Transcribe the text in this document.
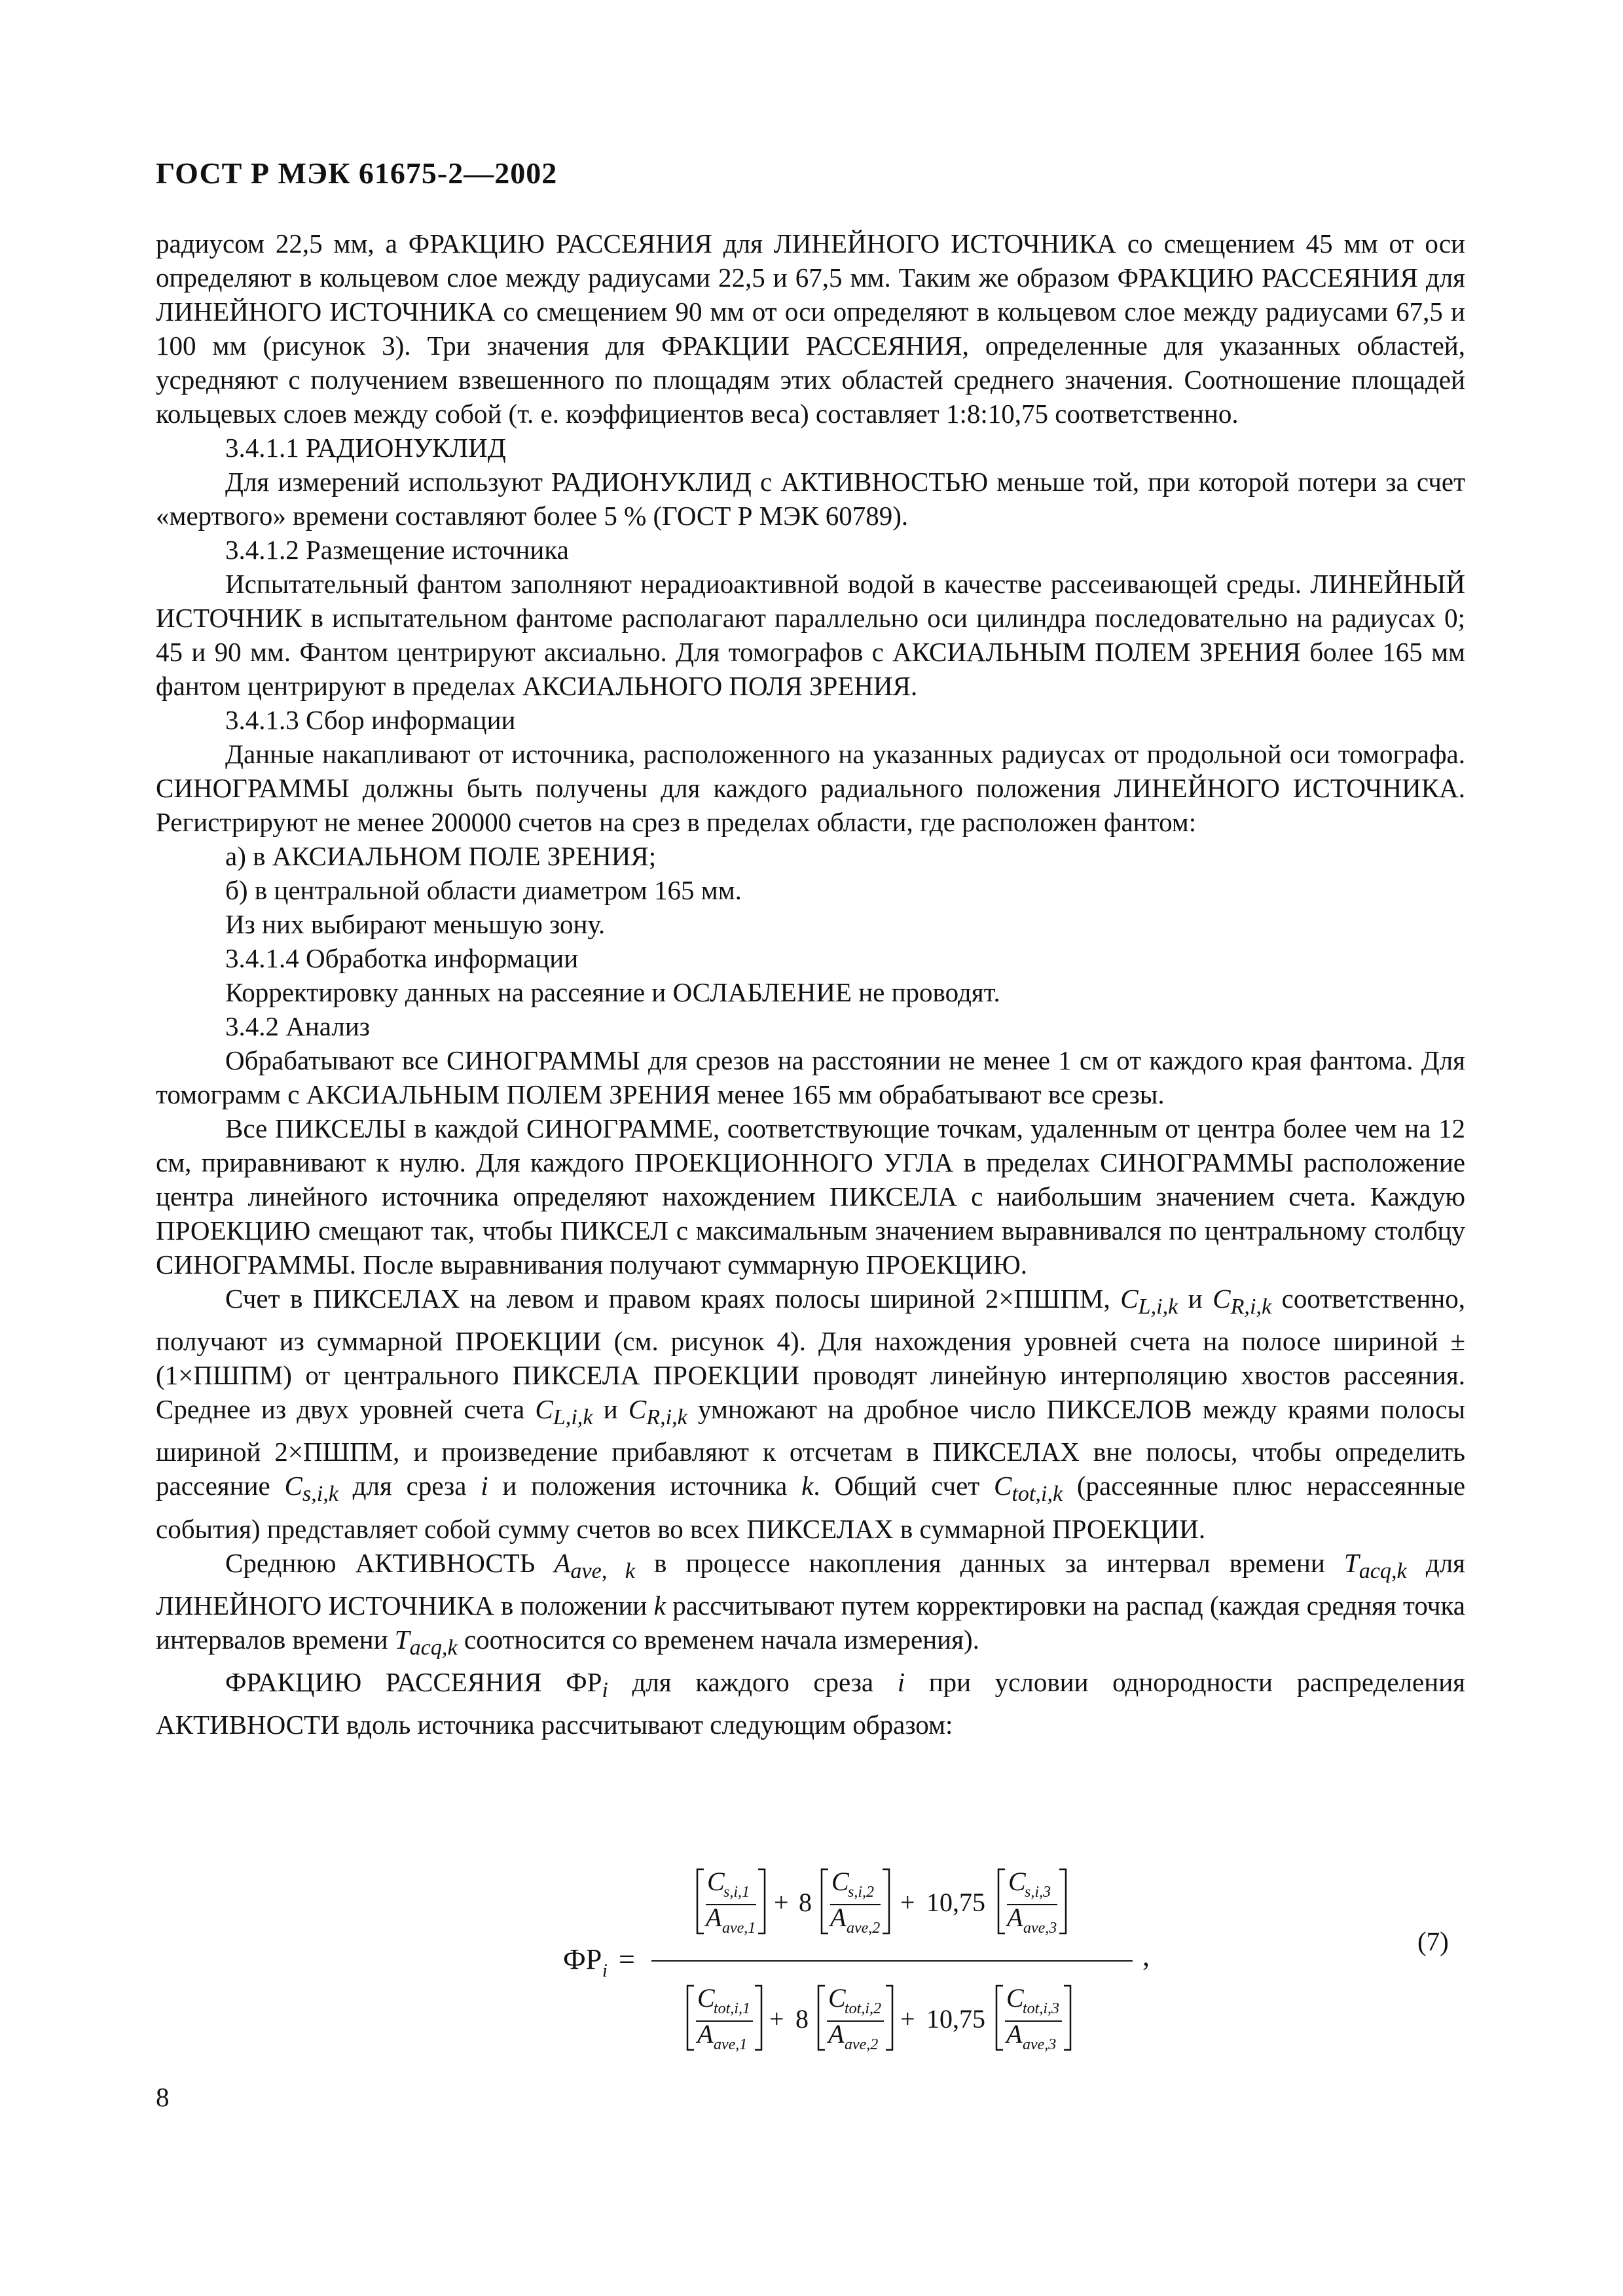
ГОСТ Р МЭК 61675-2—2002

радиусом 22,5 мм, а ФРАКЦИЮ РАССЕЯНИЯ для ЛИНЕЙНОГО ИСТОЧНИКА со смещением 45 мм от оси определяют в кольцевом слое между радиусами 22,5 и 67,5 мм. Таким же образом ФРАКЦИЮ РАССЕЯНИЯ для ЛИНЕЙНОГО ИСТОЧНИКА со смещением 90 мм от оси определяют в кольцевом слое между радиусами 67,5 и 100 мм (рисунок 3). Три значения для ФРАКЦИИ РАССЕЯНИЯ, определенные для указанных областей, усредняют с получением взвешенного по площадям этих областей среднего значения. Соотношение площадей кольцевых слоев между собой (т. е. коэффициентов веса) составляет 1:8:10,75 соответственно.

3.4.1.1 РАДИОНУКЛИД

Для измерений используют РАДИОНУКЛИД с АКТИВНОСТЬЮ меньше той, при которой потери за счет «мертвого» времени составляют более 5 % (ГОСТ Р МЭК 60789).

3.4.1.2 Размещение источника

Испытательный фантом заполняют нерадиоактивной водой в качестве рассеивающей среды. ЛИНЕЙНЫЙ ИСТОЧНИК в испытательном фантоме располагают параллельно оси цилиндра последовательно на радиусах 0; 45 и 90 мм. Фантом центрируют аксиально. Для томографов с АКСИАЛЬНЫМ ПОЛЕМ ЗРЕНИЯ более 165 мм фантом центрируют в пределах АКСИАЛЬНОГО ПОЛЯ ЗРЕНИЯ.

3.4.1.3 Сбор информации

Данные накапливают от источника, расположенного на указанных радиусах от продольной оси томографа. СИНОГРАММЫ должны быть получены для каждого радиального положения ЛИНЕЙНОГО ИСТОЧНИКА. Регистрируют не менее 200000 счетов на срез в пределах области, где расположен фантом:

а) в АКСИАЛЬНОМ ПОЛЕ ЗРЕНИЯ;

б) в центральной области диаметром 165 мм.

Из них выбирают меньшую зону.

3.4.1.4 Обработка информации

Корректировку данных на рассеяние и ОСЛАБЛЕНИЕ не проводят.

3.4.2 Анализ

Обрабатывают все СИНОГРАММЫ для срезов на расстоянии не менее 1 см от каждого края фантома. Для томограмм с АКСИАЛЬНЫМ ПОЛЕМ ЗРЕНИЯ менее 165 мм обрабатывают все срезы.

Все ПИКСЕЛЫ в каждой СИНОГРАММЕ, соответствующие точкам, удаленным от центра более чем на 12 см, приравнивают к нулю. Для каждого ПРОЕКЦИОННОГО УГЛА в пределах СИНОГРАММЫ расположение центра линейного источника определяют нахождением ПИКСЕЛА с наибольшим значением счета. Каждую ПРОЕКЦИЮ смещают так, чтобы ПИКСЕЛ с максимальным значением выравнивался по центральному столбцу СИНОГРАММЫ. После выравнивания получают суммарную ПРОЕКЦИЮ.

Счет в ПИКСЕЛАХ на левом и правом краях полосы шириной 2×ПШПМ, $C_{L,i,k}$ и $C_{R,i,k}$ соответственно, получают из суммарной ПРОЕКЦИИ (см. рисунок 4). Для нахождения уровней счета на полосе шириной ±(1×ПШПМ) от центрального ПИКСЕЛА ПРОЕКЦИИ проводят линейную интерполяцию хвостов рассеяния. Среднее из двух уровней счета $C_{L,i,k}$ и $C_{R,i,k}$ умножают на дробное число ПИКСЕЛОВ между краями полосы шириной 2×ПШПМ, и произведение прибавляют к отсчетам в ПИКСЕЛАХ вне полосы, чтобы определить рассеяние $C_{s,i,k}$ для среза i и положения источника k. Общий счет $C_{tot,i,k}$ (рассеянные плюс нерассеянные события) представляет собой сумму счетов во всех ПИКСЕЛАХ в суммарной ПРОЕКЦИИ.

Среднюю АКТИВНОСТЬ $A_{ave, k}$ в процессе накопления данных за интервал времени $T_{acq,k}$ для ЛИНЕЙНОГО ИСТОЧНИКА в положении k рассчитывают путем корректировки на распад (каждая средняя точка интервалов времени $T_{acq,k}$ соотносится со временем начала измерения).

ФРАКЦИЮ РАССЕЯНИЯ $ФР_i$ для каждого среза i при условии однородности распределения АКТИВНОСТИ вдоль источника рассчитывают следующим образом:

ФР i =	,
C
s,i,1
A ave,1
+ 8
C
s,i,2
A ave,2
+ 10,75
C
s,i,3
A ave,3
C
tot,i,1
A ave,1
+ 8
C
tot,i,2
A ave,2
+ 10,75
C
tot,i,3
A ave,3
(7)
8
